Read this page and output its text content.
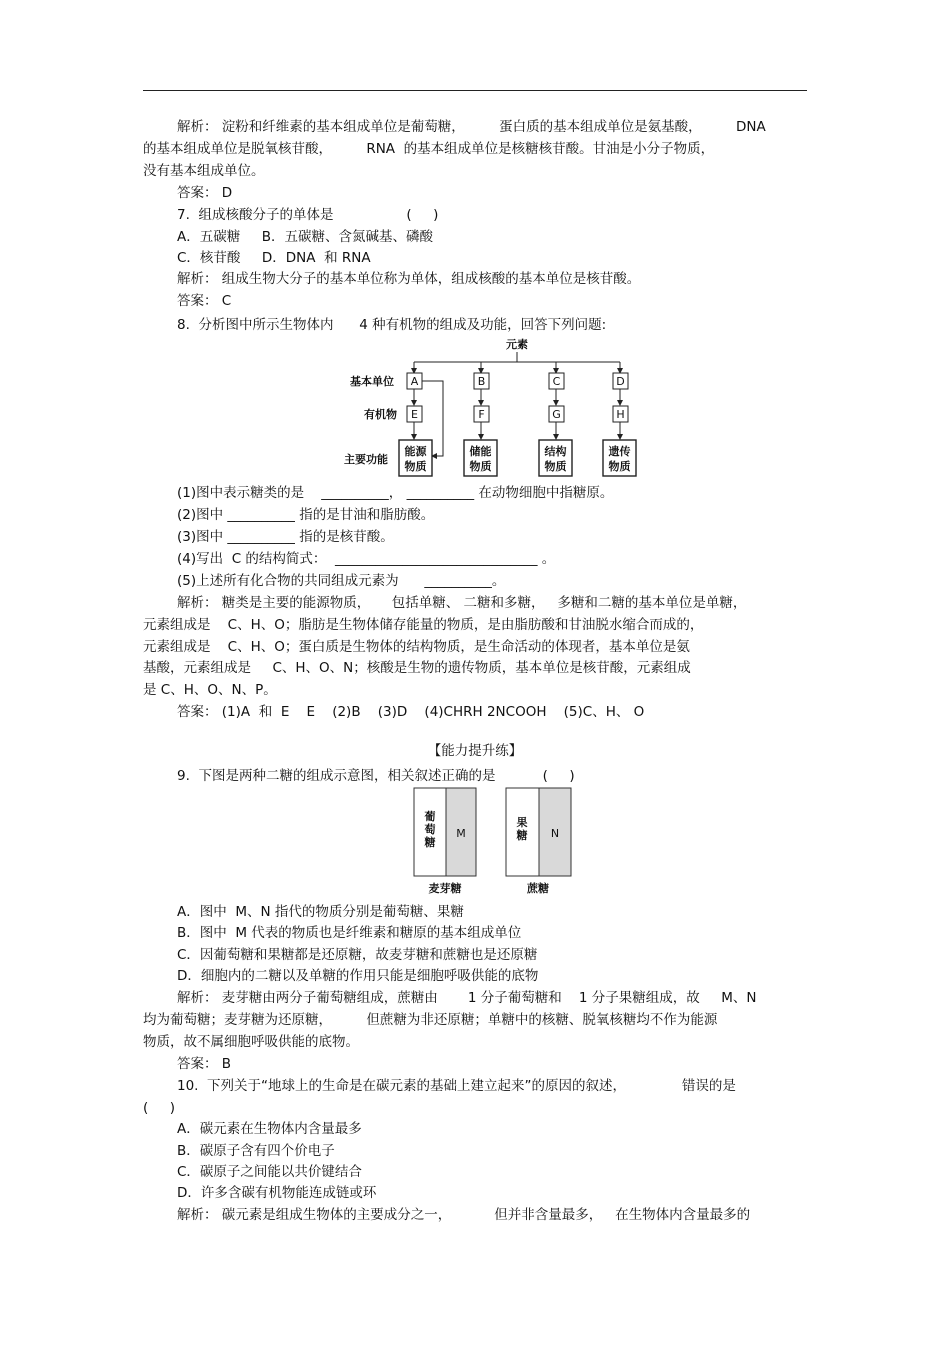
解析： 淀粉和纤维素的基本组成单位是葡萄糖，        蛋白质的基本组成单位是氨基酸，        DNA
的基本组成单位是脱氧核苷酸，        RNA  的基本组成单位是核糖核苷酸。甘油是小分子物质，
没有基本组成单位。
答案： D
7.  组成核酸分子的单体是                 (     )
A．五碳糖     B．五碳糖、含氮碱基、磷酸
C．核苷酸     D．DNA  和 RNA
解析： 组成生物大分子的基本单位称为单体，组成核酸的基本单位是核苷酸。
答案： C
8.  分析图中所示生物体内      4 种有机物的组成及功能，回答下列问题:
(1)图中表示糖类的是    __________， __________ 在动物细胞中指糖原。
(2)图中 __________ 指的是甘油和脂肪酸。
(3)图中 __________ 指的是核苷酸。
(4)写出  C 的结构简式：  ______________________________ 。
(5)上述所有化合物的共同组成元素为      __________。
解析： 糖类是主要的能源物质，     包括单糖、 二糖和多糖，   多糖和二糖的基本单位是单糖，
元素组成是    C、H、O；脂肪是生物体储存能量的物质，是由脂肪酸和甘油脱水缩合而成的，
元素组成是    C、H、O；蛋白质是生物体的结构物质，是生命活动的体现者，基本单位是氨
基酸，元素组成是     C、H、O、N；核酸是生物的遗传物质，基本单位是核苷酸，元素组成
是 C、H、O、N、P。
答案： (1)A  和  E    E    (2)B    (3)D    (4)CHRH 2NCOOH    (5)C、H、 O
【能力提升练】
9.  下图是两种二糖的组成示意图，相关叙述正确的是           (     )
A．图中  M、N 指代的物质分别是葡萄糖、果糖
B．图中  M 代表的物质也是纤维素和糖原的基本组成单位
C．因葡萄糖和果糖都是还原糖，故麦芽糖和蔗糖也是还原糖
D．细胞内的二糖以及单糖的作用只能是细胞呼吸供能的底物
解析： 麦芽糖由两分子葡萄糖组成，蔗糖由       1 分子葡萄糖和    1 分子果糖组成，故     M、N
均为葡萄糖；麦芽糖为还原糖，        但蔗糖为非还原糖；单糖中的核糖、脱氧核糖均不作为能源
物质，故不属细胞呼吸供能的底物。
答案： B
10.  下列关于“地球上的生命是在碳元素的基础上建立起来”的原因的叙述，             错误的是
(     )
A．碳元素在生物体内含量最多
B．碳原子含有四个价电子
C．碳原子之间能以共价键结合
D．许多含碳有机物能连成链或环
解析： 碳元素是组成生物体的主要成分之一，          但并非含量最多，   在生物体内含量最多的
元素
基本单位
有机物
主要功能
A	B	C	D
E	F	G	H
能源
物质
储能
物质
结构
物质
遗传
物质
葡
萄
糖
M
麦芽糖
果
糖 N
蔗糖
